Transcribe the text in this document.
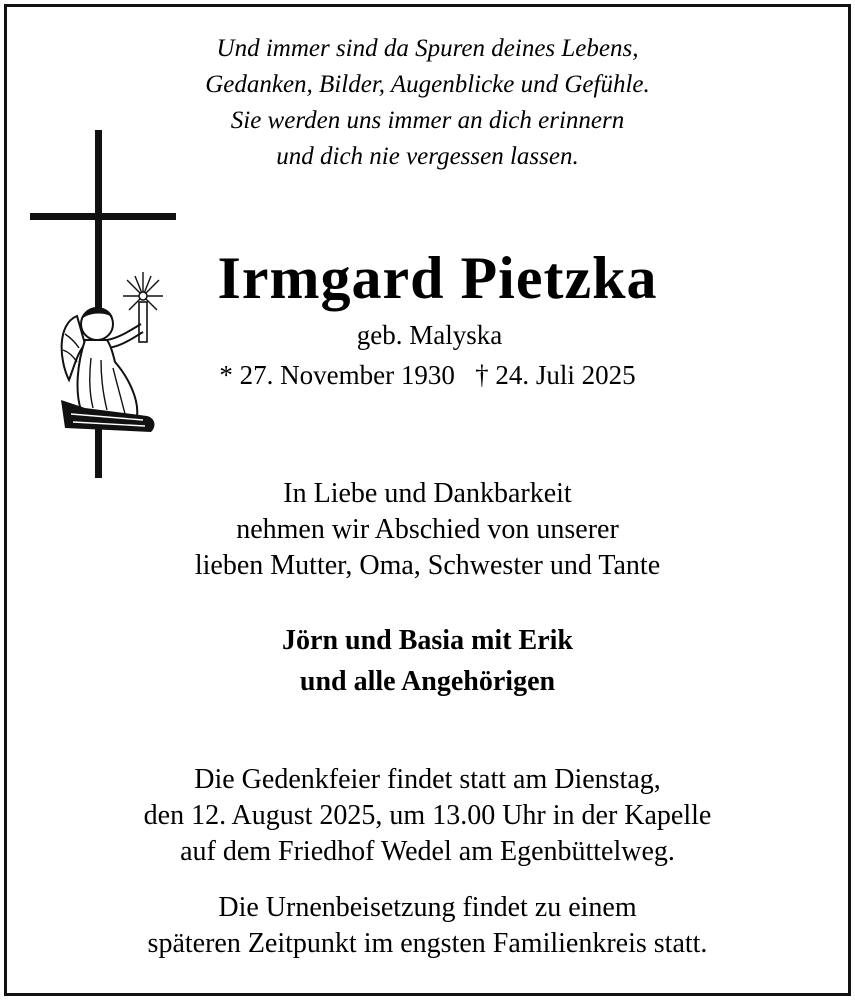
Und immer sind da Spuren deines Lebens,
Gedanken, Bilder, Augenblicke und Gefühle.
Sie werden uns immer an dich erinnern
und dich nie vergessen lassen.
Irmgard Pietzka
geb. Malyska
* 27. November 1930   † 24. Juli 2025
In Liebe und Dankbarkeit
nehmen wir Abschied von unserer
lieben Mutter, Oma, Schwester und Tante
Jörn und Basia mit Erik
und alle Angehörigen
Die Gedenkfeier findet statt am Dienstag,
den 12. August 2025, um 13.00 Uhr in der Kapelle
auf dem Friedhof Wedel am Egenbüttelweg.
Die Urnenbeisetzung findet zu einem
späteren Zeitpunkt im engsten Familienkreis statt.
